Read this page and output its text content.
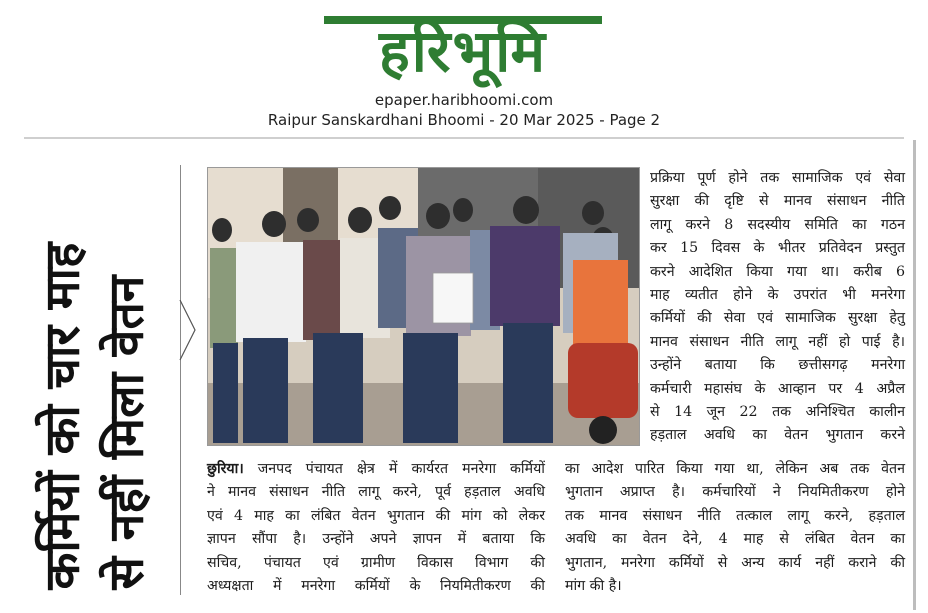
हरिभूमि
epaper.haribhoomi.com
Raipur Sanskardhani Bhoomi - 20 Mar 2025 - Page 2
कर्मियों को चार माह से नहीं मिला वेतन	छुरिया। जनपद पंचायत क्षेत्र में कार्यरत मनरेगा कर्मियों
ने मानव संसाधन नीति लागू करने, पूर्व हड़ताल अवधि
एवं 4 माह का लंबित वेतन भुगतान की मांग को लेकर
ज्ञापन सौंपा है। उन्होंने अपने ज्ञापन में बताया कि
सचिव, पंचायत एवं ग्रामीण विकास विभाग की
अध्यक्षता में मनरेगा कर्मियों के नियमितीकरण की
प्रक्रिया पूर्ण होने तक सामाजिक एवं सेवा
सुरक्षा की दृष्टि से मानव संसाधन नीति
लागू करने 8 सदस्यीय समिति का गठन
कर 15 दिवस के भीतर प्रतिवेदन प्रस्तुत
करने आदेशित किया गया था। करीब 6
माह व्यतीत होने के उपरांत भी मनरेगा
कर्मियों की सेवा एवं सामाजिक सुरक्षा हेतु
मानव संसाधन नीति लागू नहीं हो पाई है।
उन्होंने बताया कि छत्तीसगढ़ मनरेगा
कर्मचारी महासंघ के आव्हान पर 4 अप्रैल
से 14 जून 22 तक अनिश्चित कालीन
हड़ताल अवधि का वेतन भुगतान करने
का आदेश पारित किया गया था, लेकिन अब तक वेतन
भुगतान अप्राप्त है। कर्मचारियों ने नियमितीकरण होने
तक मानव संसाधन नीति तत्काल लागू करने, हड़ताल
अवधि का वेतन देने, 4 माह से लंबित वेतन का
भुगतान, मनरेगा कर्मियों से अन्य कार्य नहीं कराने की
मांग की है।
